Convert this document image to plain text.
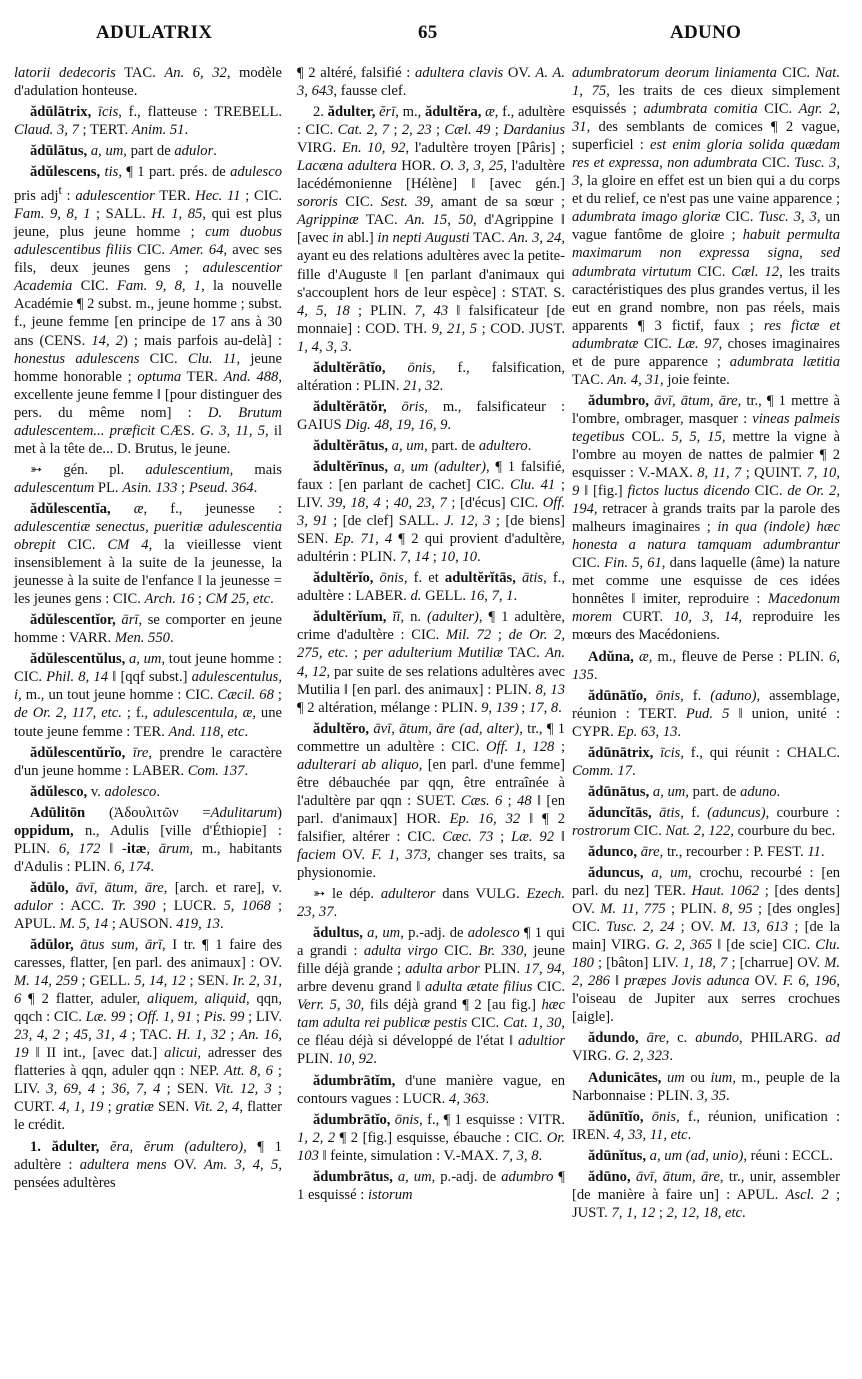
ADULATRIX	65	ADUNO

latorii dedecoris TAC. An. 6, 32, modèle d'adulation honteuse.

ădūlātrix, īcis, f., flatteuse : TREBELL. Claud. 3, 7 ; TERT. Anim. 51.

ădūlātus, a, um, part de adulor.

ădŭlescens, tis, ¶ 1 part. prés. de adulesco pris adj$^t$ : adulescentior TER. Hec. 11 ; CIC. Fam. 9, 8, 1 ; SALL. H. 1, 85, qui est plus jeune, plus jeune homme ; cum duobus adulescentibus filiis CIC. Amer. 64, avec ses fils, deux jeunes gens ; adulescentior Academia CIC. Fam. 9, 8, 1, la nouvelle Académie ¶ 2 subst. m., jeune homme ; subst. f., jeune femme [en principe de 17 ans à 30 ans (CENS. 14, 2) ; mais parfois au-delà] : honestus adulescens CIC. Clu. 11, jeune homme honorable ; optuma TER. And. 488, excellente jeune femme ‖ [pour distinguer des pers. du même nom] : D. Brutum adulescentem... præficit CÆS. G. 3, 11, 5, il met à la tête de... D. Brutus, le jeune.

➳ gén. pl. adulescentium, mais adulescentum PL. Asin. 133 ; Pseud. 364.

ădŭlescentĭa, æ, f., jeunesse : adulescentiæ senectus, pueritiæ adulescentia obrepit CIC. CM 4, la vieillesse vient insensiblement à la suite de la jeunesse, la jeunesse à la suite de l'enfance ‖ la jeunesse = les jeunes gens : CIC. Arch. 16 ; CM 25, etc.

ădŭlescentĭor, ārī, se comporter en jeune homme : VARR. Men. 550.

ădŭlescentŭlus, a, um, tout jeune homme : CIC. Phil. 8, 14 ‖ [qqf subst.] adulescentulus, i, m., un tout jeune homme : CIC. Cæcil. 68 ; de Or. 2, 117, etc. ; f., adulescentula, æ, une toute jeune femme : TER. And. 118, etc.

ădŭlescentŭrĭo, īre, prendre le caractère d'un jeune homme : LABER. Com. 137.

ădŭlesco, v. adolesco.

Adūlitōn (Ἀδουλιτῶν =Adulitarum) oppidum, n., Adulis [ville d'Éthiopie] : PLIN. 6, 172 ‖ -itæ, ārum, m., habitants d'Adulis : PLIN. 6, 174.

ădūlo, āvī, ātum, āre, [arch. et rare], v. adulor : ACC. Tr. 390 ; LUCR. 5, 1068 ; APUL. M. 5, 14 ; AUSON. 419, 13.

ădūlor, ātus sum, ārī, I tr. ¶ 1 faire des caresses, flatter, [en parl. des animaux] : OV. M. 14, 259 ; GELL. 5, 14, 12 ; SEN. Ir. 2, 31, 6 ¶ 2 flatter, aduler, aliquem, aliquid, qqn, qqch : CIC. Læ. 99 ; Off. 1, 91 ; Pis. 99 ; LIV. 23, 4, 2 ; 45, 31, 4 ; TAC. H. 1, 32 ; An. 16, 19 ‖ II int., [avec dat.] alicui, adresser des flatteries à qqn, aduler qqn : NEP. Att. 8, 6 ; LIV. 3, 69, 4 ; 36, 7, 4 ; SEN. Vit. 12, 3 ; CURT. 4, 1, 19 ; gratiæ SEN. Vit. 2, 4, flatter le crédit.

1. ădulter, ĕra, ĕrum (adultero), ¶ 1 adultère : adultera mens OV. Am. 3, 4, 5, pensées adultères

¶ 2 altéré, falsifié : adultera clavis OV. A. A. 3, 643, fausse clef.

2. ădulter, ĕrī, m., ădultĕra, æ, f., adultère : CIC. Cat. 2, 7 ; 2, 23 ; Cæl. 49 ; Dardanius VIRG. En. 10, 92, l'adultère troyen [Pâris] ; Lacæna adultera HOR. O. 3, 3, 25, l'adultère lacédémonienne [Hélène] ‖ [avec gén.] sororis CIC. Sest. 39, amant de sa sœur ; Agrippinæ TAC. An. 15, 50, d'Agrippine ‖ [avec in abl.] in nepti Augusti TAC. An. 3, 24, ayant eu des relations adultères avec la petite-fille d'Auguste ‖ [en parlant d'animaux qui s'accouplent hors de leur espèce] : STAT. S. 4, 5, 18 ; PLIN. 7, 43 ‖ falsificateur [de monnaie] : COD. TH. 9, 21, 5 ; COD. JUST. 1, 4, 3, 3.

ădultĕrātĭo, ōnis, f., falsification, altération : PLIN. 21, 32.

ădultĕrātŏr, ōris, m., falsificateur : GAIUS Dig. 48, 19, 16, 9.

ădultĕrātus, a, um, part. de adultero.

ădultĕrīnus, a, um (adulter), ¶ 1 falsifié, faux : [en parlant de cachet] CIC. Clu. 41 ; LIV. 39, 18, 4 ; 40, 23, 7 ; [d'écus] CIC. Off. 3, 91 ; [de clef] SALL. J. 12, 3 ; [de biens] SEN. Ep. 71, 4 ¶ 2 qui provient d'adultère, adultérin : PLIN. 7, 14 ; 10, 10.

ădultĕrĭo, ōnis, f. et adultĕrĭtās, ātis, f., adultère : LABER. d. GELL. 16, 7, 1.

ădultĕrĭum, ĭī, n. (adulter), ¶ 1 adultère, crime d'adultère : CIC. Mil. 72 ; de Or. 2, 275, etc. ; per adulterium Mutiliæ TAC. An. 4, 12, par suite de ses relations adultères avec Mutilia ‖ [en parl. des animaux] : PLIN. 8, 13 ¶ 2 altération, mélange : PLIN. 9, 139 ; 17, 8.

ădultĕro, āvī, ātum, āre (ad, alter), tr., ¶ 1 commettre un adultère : CIC. Off. 1, 128 ; adulterari ab aliquo, [en parl. d'une femme] être débauchée par qqn, être entraînée à l'adultère par qqn : SUET. Cæs. 6 ; 48 ‖ [en parl. d'animaux] HOR. Ep. 16, 32 ‖ ¶ 2 falsifier, altérer : CIC. Cæc. 73 ; Læ. 92 ‖ faciem OV. F. 1, 373, changer ses traits, sa physionomie.

➳ le dép. adulteror dans VULG. Ezech. 23, 37.

ădultus, a, um, p.-adj. de adolesco ¶ 1 qui a grandi : adulta virgo CIC. Br. 330, jeune fille déjà grande ; adulta arbor PLIN. 17, 94, arbre devenu grand ‖ adulta ætate filius CIC. Verr. 5, 30, fils déjà grand ¶ 2 [au fig.] hæc tam adulta rei publicæ pestis CIC. Cat. 1, 30, ce fléau déjà si développé de l'état ‖ adultior PLIN. 10, 92.

ădumbrātĭm, d'une manière vague, en contours vagues : LUCR. 4, 363.

ădumbrātĭo, ōnis, f., ¶ 1 esquisse : VITR. 1, 2, 2 ¶ 2 [fig.] esquisse, ébauche : CIC. Or. 103 ‖ feinte, simulation : V.-MAX. 7, 3, 8.

ădumbrātus, a, um, p.-adj. de adumbro ¶ 1 esquissé : istorum

adumbratorum deorum liniamenta CIC. Nat. 1, 75, les traits de ces dieux simplement esquissés ; adumbrata comitia CIC. Agr. 2, 31, des semblants de comices ¶ 2 vague, superficiel : est enim gloria solida quædam res et expressa, non adumbrata CIC. Tusc. 3, 3, la gloire en effet est un bien qui a du corps et du relief, ce n'est pas une vaine apparence ; adumbrata imago gloriæ CIC. Tusc. 3, 3, un vague fantôme de gloire ; habuit permulta maximarum non expressa signa, sed adumbrata virtutum CIC. Cæl. 12, les traits caractéristiques des plus grandes vertus, il les eut en grand nombre, non pas réels, mais apparents ¶ 3 fictif, faux ; res fictæ et adumbratæ CIC. Læ. 97, choses imaginaires et de pure apparence ; adumbrata lætitia TAC. An. 4, 31, joie feinte.

ădumbro, āvī, ātum, āre, tr., ¶ 1 mettre à l'ombre, ombrager, masquer : vineas palmeis tegetibus COL. 5, 5, 15, mettre la vigne à l'ombre au moyen de nattes de palmier ¶ 2 esquisser : V.-MAX. 8, 11, 7 ; QUINT. 7, 10, 9 ‖ [fig.] fictos luctus dicendo CIC. de Or. 2, 194, retracer à grands traits par la parole des malheurs imaginaires ; in qua (indole) hæc honesta a natura tamquam adumbrantur CIC. Fin. 5, 61, dans laquelle (âme) la nature met comme une esquisse de ces idées honnêtes ‖ imiter, reproduire : Macedonum morem CURT. 10, 3, 14, reproduire les mœurs des Macédoniens.

Adŭna, æ, m., fleuve de Perse : PLIN. 6, 135.

ădūnātĭo, ōnis, f. (aduno), assemblage, réunion : TERT. Pud. 5 ‖ union, unité : CYPR. Ep. 63, 13.

ădūnātrix, īcis, f., qui réunit : CHALC. Comm. 17.

ădūnātus, a, um, part. de aduno.

ăduncĭtās, ātis, f. (aduncus), courbure : rostrorum CIC. Nat. 2, 122, courbure du bec.

ădunco, āre, tr., recourber : P. FEST. 11.

ăduncus, a, um, crochu, recourbé : [en parl. du nez] TER. Haut. 1062 ; [des dents] OV. M. 11, 775 ; PLIN. 8, 95 ; [des ongles] CIC. Tusc. 2, 24 ; OV. M. 13, 613 ; [de la main] VIRG. G. 2, 365 ‖ [de scie] CIC. Clu. 180 ; [bâton] LIV. 1, 18, 7 ; [charrue] OV. M. 2, 286 ‖ præpes Jovis adunca OV. F. 6, 196, l'oiseau de Jupiter aux serres crochues [aigle].

ădundo, āre, c. abundo, PHILARG. ad VIRG. G. 2, 323.

Adunicātes, um ou ium, m., peuple de la Narbonnaise : PLIN. 3, 35.

ădūnītĭo, ōnis, f., réunion, unification : IREN. 4, 33, 11, etc.

ădūnĭtus, a, um (ad, unio), réuni : ECCL.

ădūno, āvī, ātum, āre, tr., unir, assembler [de manière à faire un] : APUL. Ascl. 2 ; JUST. 7, 1, 12 ; 2, 12, 18, etc.
